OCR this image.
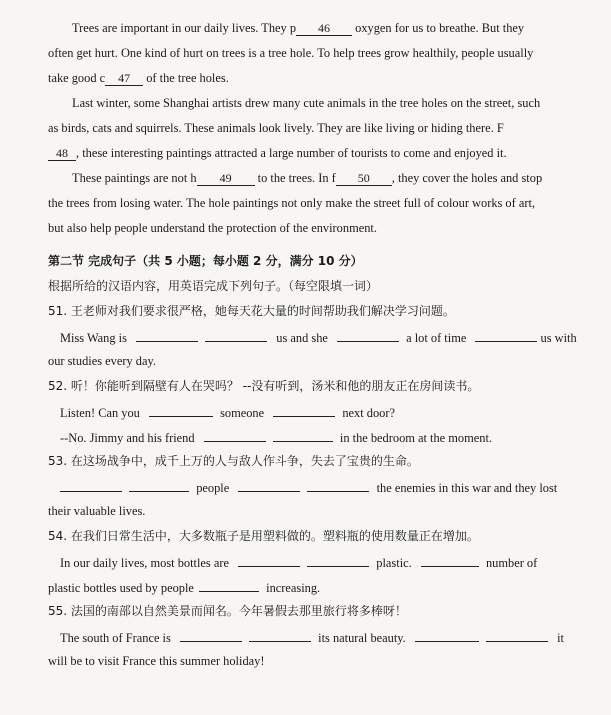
Trees are important in our daily lives. They p 46 oxygen for us to breathe. But they
often get hurt. One kind of hurt on trees is a tree hole. To help trees grow healthily, people usually
take good c 47 of the tree holes.
Last winter, some Shanghai artists drew many cute animals in the tree holes on the street, such
as birds, cats and squirrels. These animals look lively. They are like living or hiding there. F
48 , these interesting paintings attracted a large number of tourists to come and enjoyed it.
These paintings are not h 49 to the trees. In f 50 , they cover the holes and stop
the trees from losing water. The hole paintings not only make the street full of colour works of art,
but also help people understand the protection of the environment.
第二节 完成句子（共 5 小题；每小题 2 分，满分 10 分）
根据所给的汉语内容，用英语完成下列句子。（每空限填一词）
51. 王老师对我们要求很严格，她每天花大量的时间帮助我们解决学习问题。
Miss Wang is	us and she	a lot of time	us with
our studies every day.
52. 听！你能听到隔壁有人在哭吗？ --没有听到，汤米和他的朋友正在房间读书。
Listen! Can you	someone	next door?
--No. Jimmy and his friend	in the bedroom at the moment.
53. 在这场战争中，成千上万的人与敌人作斗争，失去了宝贵的生命。
people	the enemies in this war and they lost
their valuable lives.
54. 在我们日常生活中，大多数瓶子是用塑料做的。塑料瓶的使用数量正在增加。
In our daily lives, most bottles are	plastic.	number of
plastic bottles used by people	increasing.
55. 法国的南部以自然美景而闻名。今年暑假去那里旅行将多棒呀！
The south of France is	its natural beauty.	it
will be to visit France this summer holiday!
